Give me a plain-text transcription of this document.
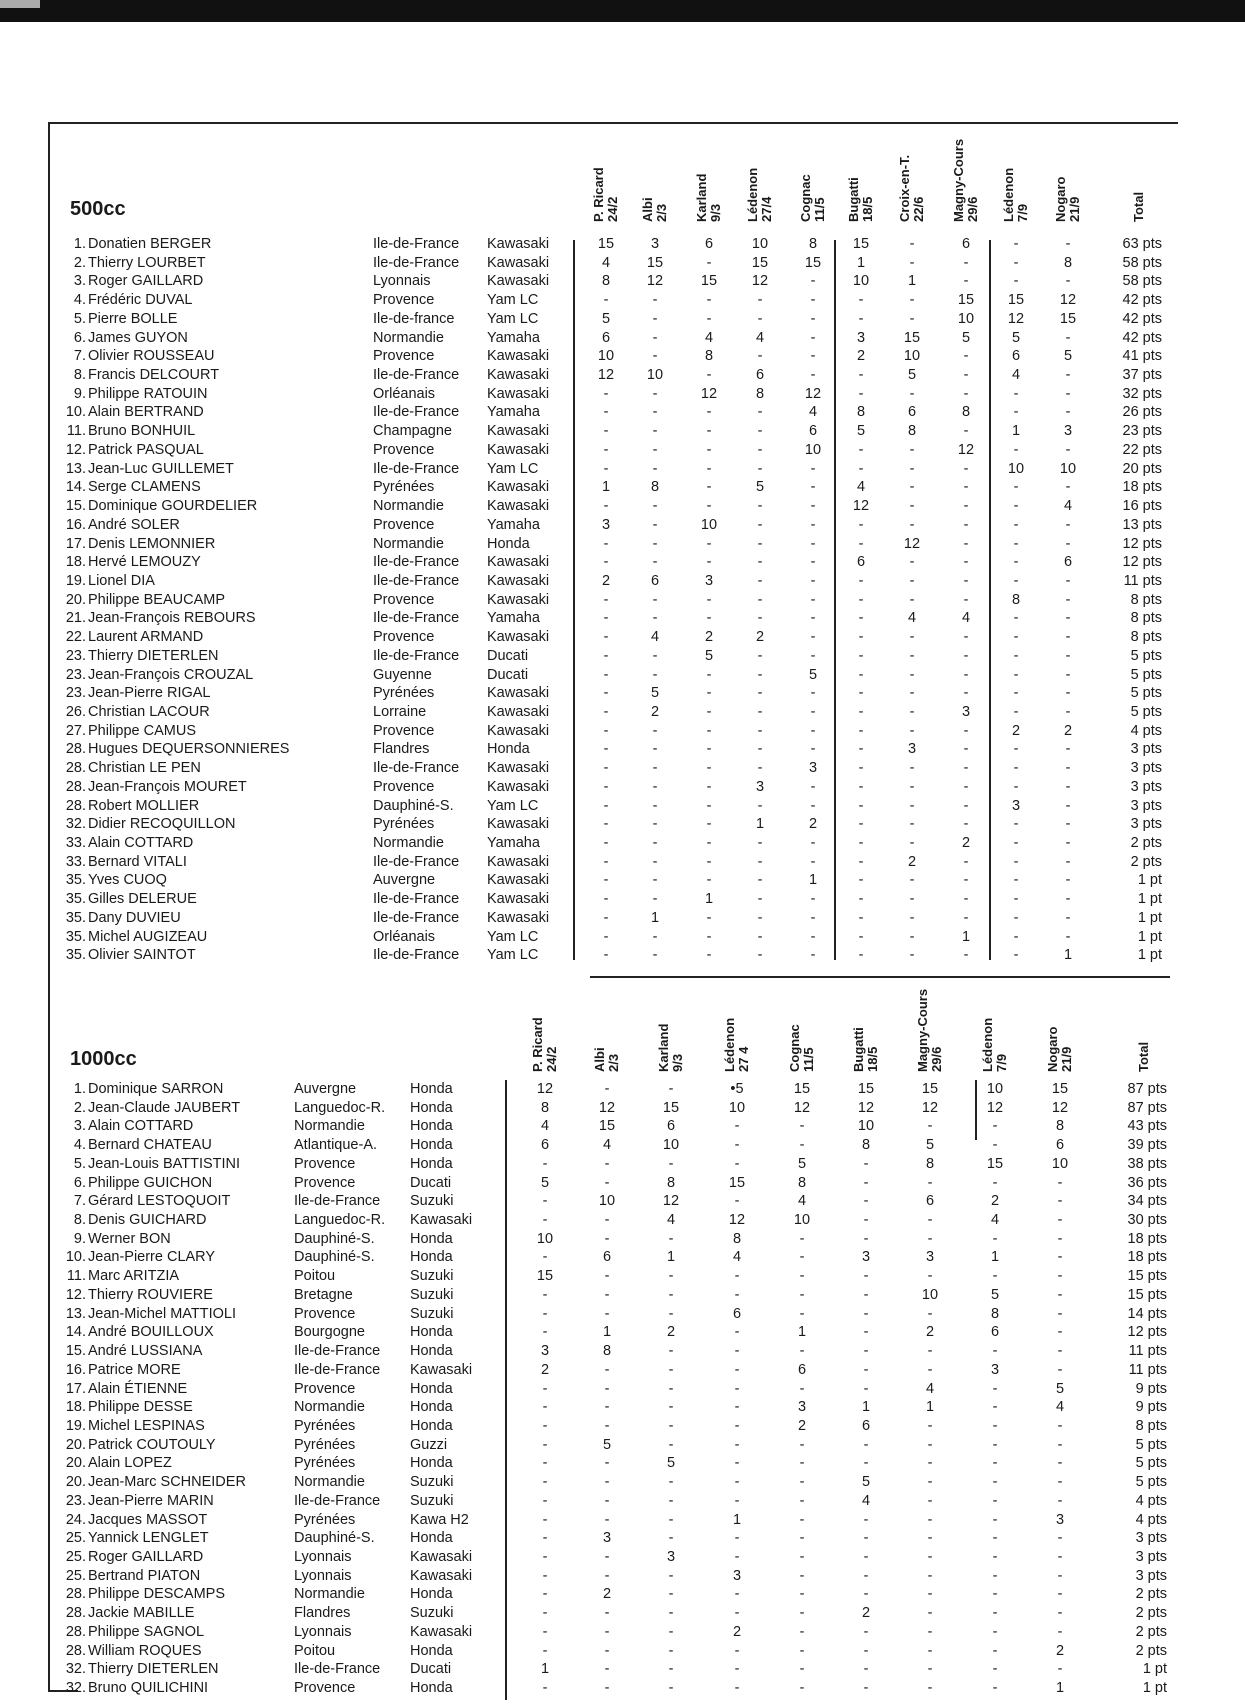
500cc	P. Ricard 24/2 Albi 2/3 Karland 9/3 Lédenon 27/4 Cognac 11/5 Bugatti 18/5 Croix-en-T. 22/6 Magny-Cours 29/6 Lédenon 7/9 Nogaro 21/9	Total
1. Donatien BERGER	Ile-de-France Kawasaki	15	3	6	10	8	15	-	6	-	-	63 pts
2. Thierry LOURBET	Ile-de-France Kawasaki	4	15	-	15	15	1	-	-	-	8	58 pts
3. Roger GAILLARD	Lyonnais	Kawasaki	8	12	15	12	-	10	1	-	-	-	58 pts
4. Frédéric DUVAL	Provence	Yam LC	-	-	-	-	-	-	-	15	15	12	42 pts
5. Pierre BOLLE	Ile-de-france Yam LC	5	-	-	-	-	-	-	10	12	15	42 pts
6. James GUYON	Normandie	Yamaha	6	-	4	4	-	3	15	5	5	-	42 pts
7. Olivier ROUSSEAU	Provence	Kawasaki	10	-	8	-	-	2	10	-	6	5	41 pts
8. Francis DELCOURT	Ile-de-France Kawasaki	12	10	-	6	-	-	5	-	4	-	37 pts
9. Philippe RATOUIN	Orléanais	Kawasaki	-	-	12	8	12	-	-	-	-	-	32 pts
10. Alain BERTRAND	Ile-de-France Yamaha	-	-	-	-	4	8	6	8	-	-	26 pts
11. Bruno BONHUIL	Champagne Kawasaki	-	-	-	-	6	5	8	-	1	3	23 pts
12. Patrick PASQUAL	Provence	Kawasaki	-	-	-	-	10	-	-	12	-	-	22 pts
13. Jean-Luc GUILLEMET	Ile-de-France Yam LC	-	-	-	-	-	-	-	-	10	10	20 pts
14. Serge CLAMENS	Pyrénées	Kawasaki	1	8	-	5	-	4	-	-	-	-	18 pts
15. Dominique GOURDELIER	Normandie	Kawasaki	-	-	-	-	-	12	-	-	-	4	16 pts
16. André SOLER	Provence	Yamaha	3	-	10	-	-	-	-	-	-	-	13 pts
17. Denis LEMONNIER	Normandie	Honda	-	-	-	-	-	-	12	-	-	-	12 pts
18. Hervé LEMOUZY	Ile-de-France Kawasaki	-	-	-	-	-	6	-	-	-	6	12 pts
19. Lionel DIA	Ile-de-France Kawasaki	2	6	3	-	-	-	-	-	-	-	11 pts
20. Philippe BEAUCAMP	Provence	Kawasaki	-	-	-	-	-	-	-	-	8	-	8 pts
21. Jean-François REBOURS	Ile-de-France Yamaha	-	-	-	-	-	-	4	4	-	-	8 pts
22. Laurent ARMAND	Provence	Kawasaki	-	4	2	2	-	-	-	-	-	-	8 pts
23. Thierry DIETERLEN	Ile-de-France Ducati	-	-	5	-	-	-	-	-	-	-	5 pts
23. Jean-François CROUZAL	Guyenne	Ducati	-	-	-	-	5	-	-	-	-	-	5 pts
23. Jean-Pierre RIGAL	Pyrénées	Kawasaki	-	5	-	-	-	-	-	-	-	-	5 pts
26. Christian LACOUR	Lorraine	Kawasaki	-	2	-	-	-	-	-	3	-	-	5 pts
27. Philippe CAMUS	Provence	Kawasaki	-	-	-	-	-	-	-	-	2	2	4 pts
28. Hugues DEQUERSONNIERES	Flandres	Honda	-	-	-	-	-	-	3	-	-	-	3 pts
28. Christian LE PEN	Ile-de-France Kawasaki	-	-	-	-	3	-	-	-	-	-	3 pts
28. Jean-François MOURET	Provence	Kawasaki	-	-	-	3	-	-	-	-	-	-	3 pts
28. Robert MOLLIER	Dauphiné-S. Yam LC	-	-	-	-	-	-	-	-	3	-	3 pts
32. Didier RECOQUILLON	Pyrénées	Kawasaki	-	-	-	1	2	-	-	-	-	-	3 pts
33. Alain COTTARD	Normandie	Yamaha	-	-	-	-	-	-	-	2	-	-	2 pts
33. Bernard VITALI	Ile-de-France Kawasaki	-	-	-	-	-	-	2	-	-	-	2 pts
35. Yves CUOQ	Auvergne	Kawasaki	-	-	-	-	1	-	-	-	-	-	1 pt
35. Gilles DELERUE	Ile-de-France Kawasaki	-	-	1	-	-	-	-	-	-	-	1 pt
35. Dany DUVIEU	Ile-de-France Kawasaki	-	1	-	-	-	-	-	-	-	-	1 pt
35. Michel AUGIZEAU	Orléanais	Yam LC	-	-	-	-	-	-	-	1	-	-	1 pt
35. Olivier SAINTOT	Ile-de-France Yam LC	-	-	-	-	-	-	-	-	-	1	1 pt
1000cc	P. Ricard 24/2	Albi 2/3	Karland 9/3	Lédenon 27 4	Cognac 11/5	Bugatti 18/5	Magny-Cours 29/6	Lédenon 7/9	Nogaro 21/9	Total
1. Dominique SARRON	Auvergne	Honda	12	-	-	•5	15	15	15	10	15	87 pts
2. Jean-Claude JAUBERT	Languedoc-R. Honda	8	12	15	10	12	12	12	12	12	87 pts
3. Alain COTTARD	Normandie	Honda	4	15	6	-	-	10	-	-	8	43 pts
4. Bernard CHATEAU	Atlantique-A. Honda	6	4	10	-	-	8	5	-	6	39 pts
5. Jean-Louis BATTISTINI	Provence	Honda	-	-	-	-	5	-	8	15	10	38 pts
6. Philippe GUICHON	Provence	Ducati	5	-	8	15	8	-	-	-	-	36 pts
7. Gérard LESTOQUOIT	Ile-de-France Suzuki	-	10	12	-	4	-	6	2	-	34 pts
8. Denis GUICHARD	Languedoc-R. Kawasaki	-	-	4	12	10	-	-	4	-	30 pts
9. Werner BON	Dauphiné-S. Honda	10	-	-	8	-	-	-	-	-	18 pts
10. Jean-Pierre CLARY	Dauphiné-S. Honda	-	6	1	4	-	3	3	1	-	18 pts
11. Marc ARITZIA	Poitou	Suzuki	15	-	-	-	-	-	-	-	-	15 pts
12. Thierry ROUVIERE	Bretagne	Suzuki	-	-	-	-	-	-	10	5	-	15 pts
13. Jean-Michel MATTIOLI	Provence	Suzuki	-	-	-	6	-	-	-	8	-	14 pts
14. André BOUILLOUX	Bourgogne	Honda	-	1	2	-	1	-	2	6	-	12 pts
15. André LUSSIANA	Ile-de-France Honda	3	8	-	-	-	-	-	-	-	11 pts
16. Patrice MORE	Ile-de-France Kawasaki	2	-	-	-	6	-	-	3	-	11 pts
17. Alain ÉTIENNE	Provence	Honda	-	-	-	-	-	-	4	-	5	9 pts
18. Philippe DESSE	Normandie	Honda	-	-	-	-	3	1	1	-	4	9 pts
19. Michel LESPINAS	Pyrénées	Honda	-	-	-	-	2	6	-	-	-	8 pts
20. Patrick COUTOULY	Pyrénées	Guzzi	-	5	-	-	-	-	-	-	-	5 pts
20. Alain LOPEZ	Pyrénées	Honda	-	-	5	-	-	-	-	-	-	5 pts
20. Jean-Marc SCHNEIDER	Normandie	Suzuki	-	-	-	-	-	5	-	-	-	5 pts
23. Jean-Pierre MARIN	Ile-de-France Suzuki	-	-	-	-	-	4	-	-	-	4 pts
24. Jacques MASSOT	Pyrénées	Kawa H2	-	-	-	1	-	-	-	-	3	4 pts
25. Yannick LENGLET	Dauphiné-S. Honda	-	3	-	-	-	-	-	-	-	3 pts
25. Roger GAILLARD	Lyonnais	Kawasaki	-	-	3	-	-	-	-	-	-	3 pts
25. Bertrand PIATON	Lyonnais	Kawasaki	-	-	-	3	-	-	-	-	-	3 pts
28. Philippe DESCAMPS	Normandie	Honda	-	2	-	-	-	-	-	-	-	2 pts
28. Jackie MABILLE	Flandres	Suzuki	-	-	-	-	-	2	-	-	-	2 pts
28. Philippe SAGNOL	Lyonnais	Kawasaki	-	-	-	2	-	-	-	-	-	2 pts
28. William ROQUES	Poitou	Honda	-	-	-	-	-	-	-	-	2	2 pts
32. Thierry DIETERLEN	Ile-de-France Ducati	1	-	-	-	-	-	-	-	-	1 pt
32. Bruno QUILICHINI	Provence	Honda	-	-	-	-	-	-	-	-	1	1 pt
